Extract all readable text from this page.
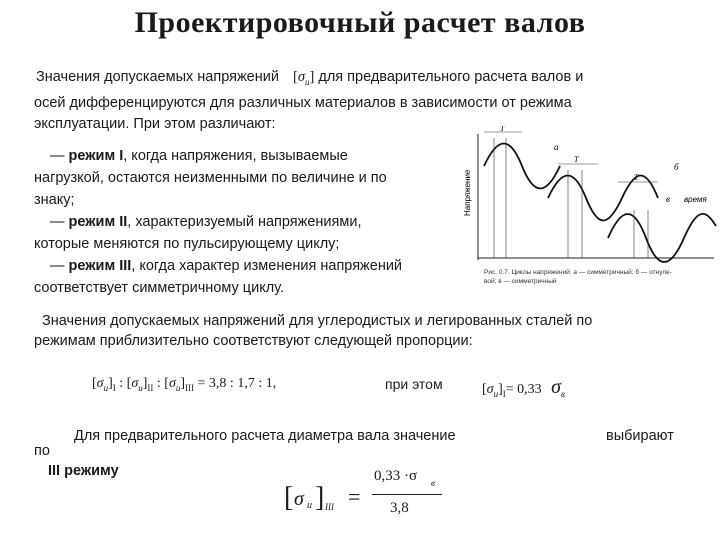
Проектировочный расчет валов
Значения допускаемых напряжений $[\sigma_и]$ для предварительного расчета валов и
осей дифференцируются для различных материалов в зависимости от режима
эксплуатации. При этом различают:
— режим I, когда напряжения, вызываемые
нагрузкой, остаются неизменными по величине и по
знаку;
— режим II, характеризуемый напряжениями,
которые меняются по пульсирующему циклу;
— режим III, когда характер изменения напряжений
соответствует симметричному циклу.
Напряжение	время
T
T
T
а
б
в
Рис. 0.7. Циклы напряжений: а — симметричный; б — отнуле-
вой; в — симметричный
Значения допускаемых напряжений для углеродистых и легированных сталей по
режимам приблизительно соответствуют следующей пропорции:
$[\sigma_и]_I$ : $[\sigma_и]_{II}$ : $[\sigma_и]_{III} = 3,8$ : 1,7 : 1,	при этом	$[\sigma_и]_I= 0,33$ $\sigma_в$
Для предварительного расчета диаметра вала значение	выбирают
по
III режиму
[ σ и ] III =
0,33 ·σ в
3,8
